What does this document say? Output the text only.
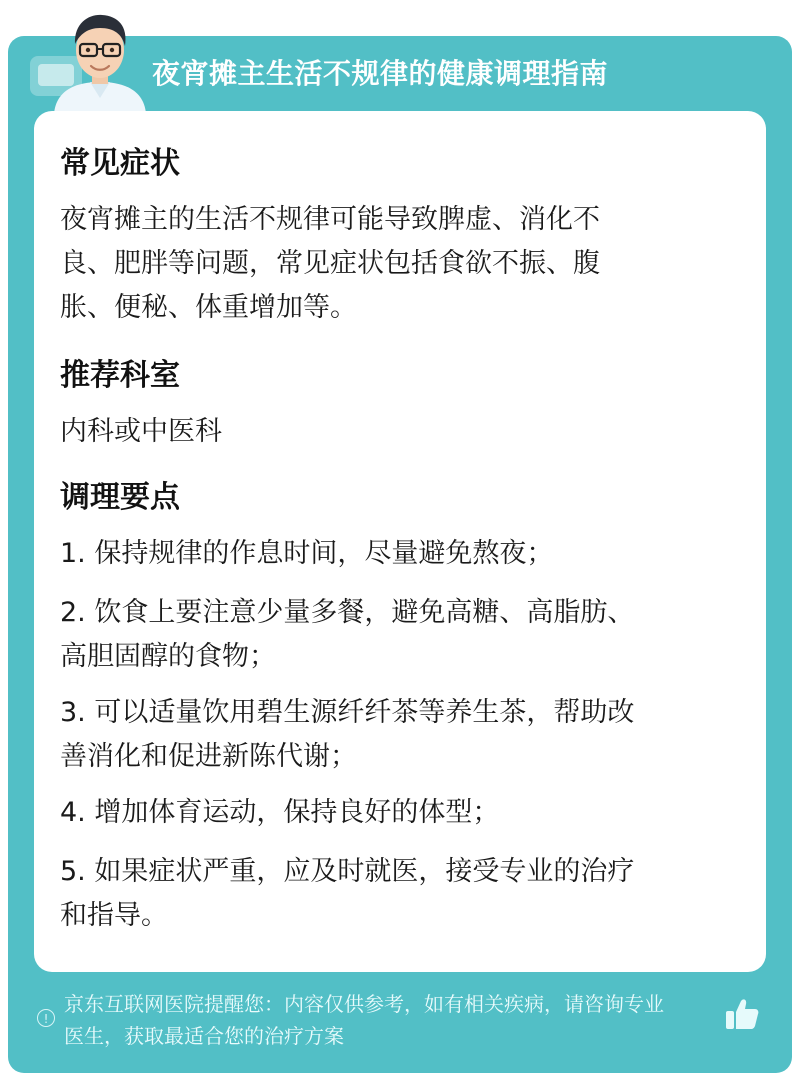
夜宵摊主生活不规律的健康调理指南
常见症状
夜宵摊主的生活不规律可能导致脾虚、消化不
良、肥胖等问题，常见症状包括食欲不振、腹
胀、便秘、体重增加等。
推荐科室
内科或中医科
调理要点
1. 保持规律的作息时间，尽量避免熬夜；
2. 饮食上要注意少量多餐，避免高糖、高脂肪、
高胆固醇的食物；
3. 可以适量饮用碧生源纤纤茶等养生茶，帮助改
善消化和促进新陈代谢；
4. 增加体育运动，保持良好的体型；
5. 如果症状严重，应及时就医，接受专业的治疗
和指导。
!
京东互联网医院提醒您：内容仅供参考，如有相关疾病，请咨询专业
医生，获取最适合您的治疗方案
